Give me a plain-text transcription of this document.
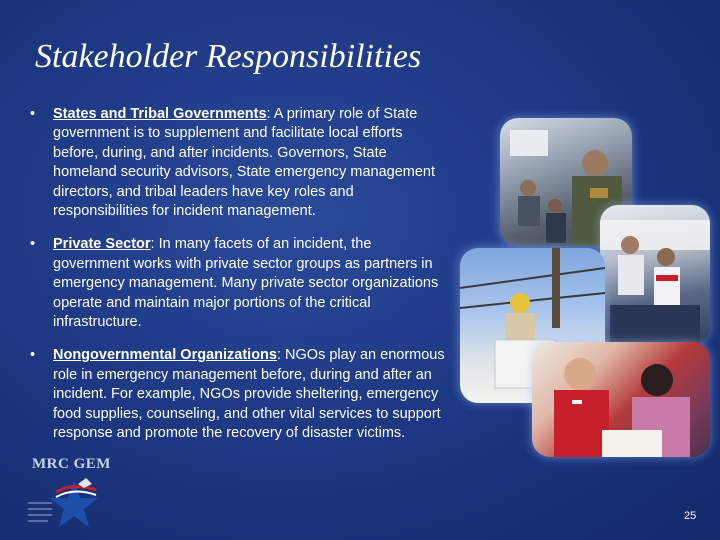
Stakeholder Responsibilities
• States and Tribal Governments: A primary role of State government is to supplement and facilitate local efforts before, during, and after incidents. Governors, State homeland security advisors, State emergency management directors, and tribal leaders have key roles and responsibilities for incident management.
• Private Sector: In many facets of an incident, the government works with private sector groups as partners in emergency management. Many private sector organizations operate and maintain major portions of the critical infrastructure.
• Nongovernmental Organizations: NGOs play an enormous role in emergency management before, during and after an incident. For example, NGOs provide sheltering, emergency food supplies, counseling, and other vital services to support response and promote the recovery of disaster victims.
MRC GEM
25
